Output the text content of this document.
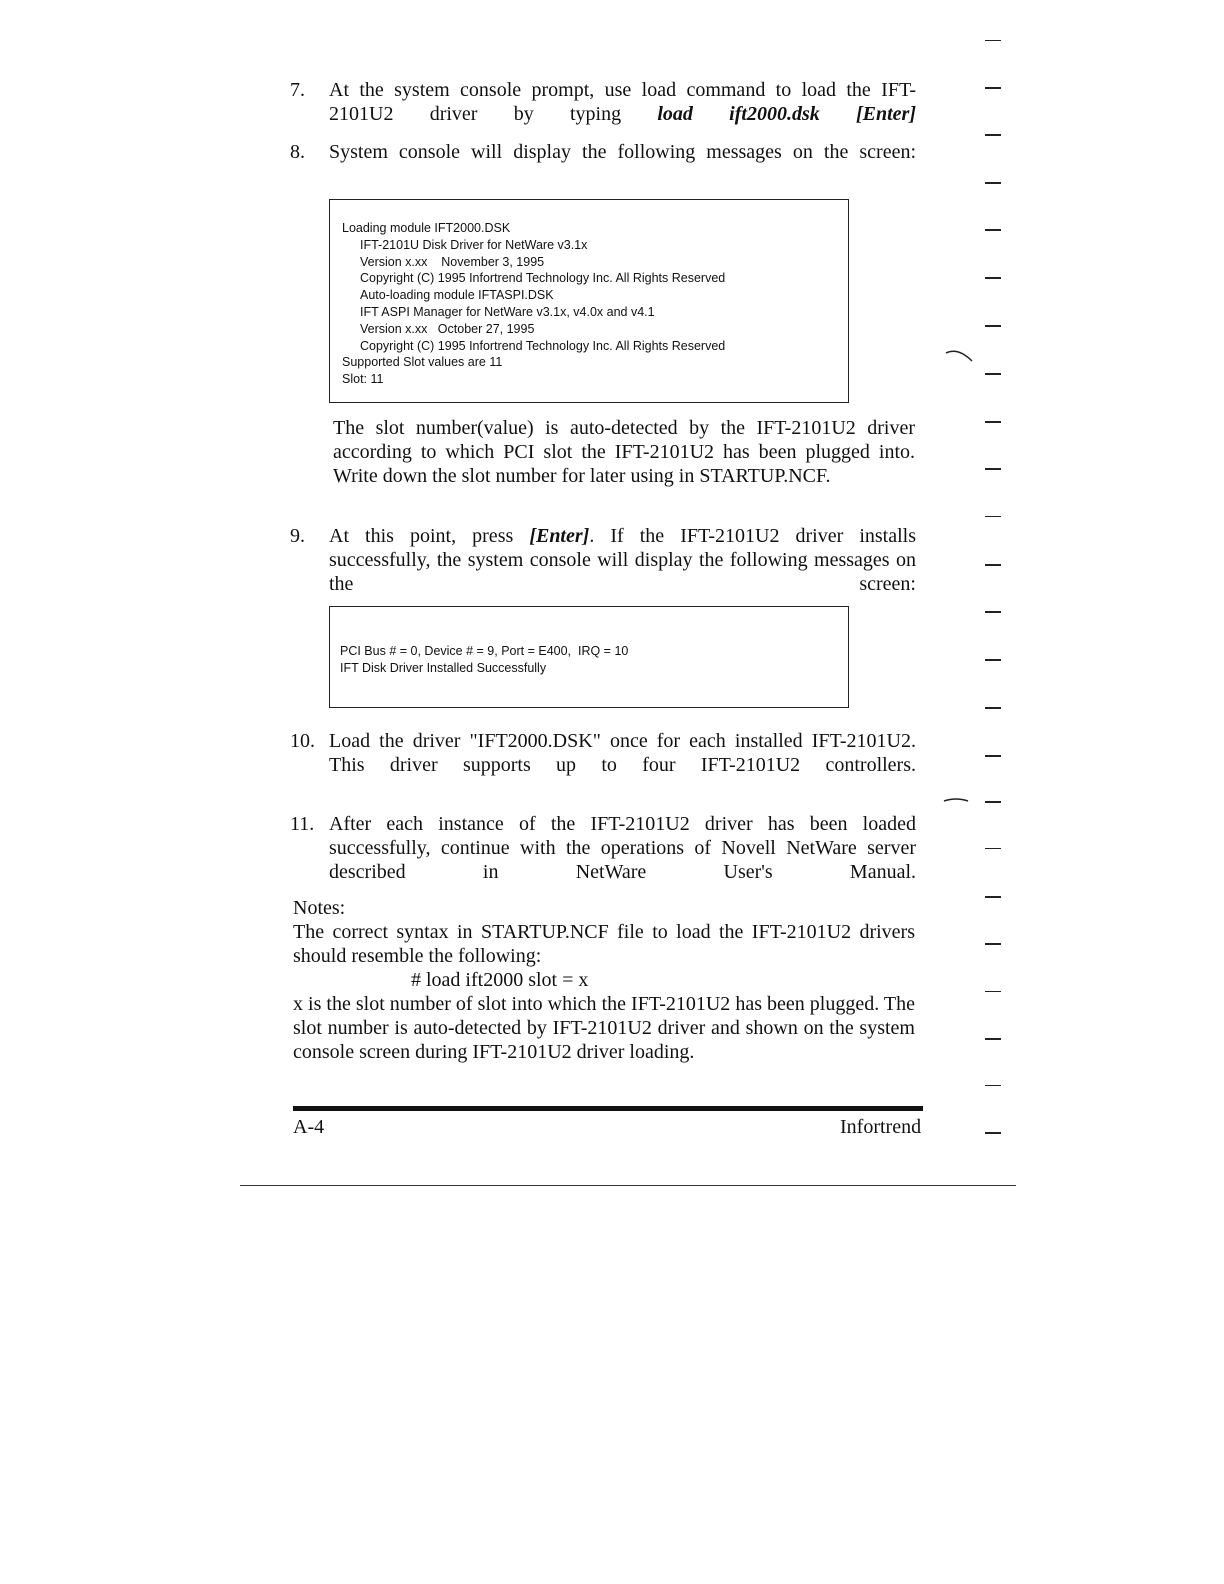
7.	At the system console prompt, use load command to load the IFT-2101U2 driver by typing load ift2000.dsk [Enter]
8.	System console will display the following messages on the screen:
Loading module IFT2000.DSK
IFT-2101U Disk Driver for NetWare v3.1x
Version x.xx    November 3, 1995
Copyright (C) 1995 Infortrend Technology Inc. All Rights Reserved
Auto-loading module IFTASPI.DSK
IFT ASPI Manager for NetWare v3.1x, v4.0x and v4.1
Version x.xx   October 27, 1995
Copyright (C) 1995 Infortrend Technology Inc. All Rights Reserved
Supported Slot values are 11
Slot: 11
The slot number(value) is auto-detected by the IFT-2101U2 driver according to which PCI slot the IFT-2101U2 has been plugged into. Write down the slot number for later using in STARTUP.NCF.
9.	At this point, press [Enter]. If the IFT-2101U2 driver installs successfully, the system console will display the following messages on the screen:
PCI Bus # = 0, Device # = 9, Port = E400,  IRQ = 10
IFT Disk Driver Installed Successfully
10. Load the driver "IFT2000.DSK" once for each installed IFT-2101U2. This driver supports up to four IFT-2101U2 controllers.
11. After each instance of the IFT-2101U2 driver has been loaded successfully, continue with the operations of Novell NetWare server described in NetWare User's Manual.
Notes:
The correct syntax in STARTUP.NCF file to load the IFT-2101U2 drivers should resemble the following:
# load ift2000 slot = x
x is the slot number of slot into which the IFT-2101U2 has been plugged. The slot number is auto-detected by IFT-2101U2 driver and shown on the system console screen during IFT-2101U2 driver loading.
A-4	Infortrend
